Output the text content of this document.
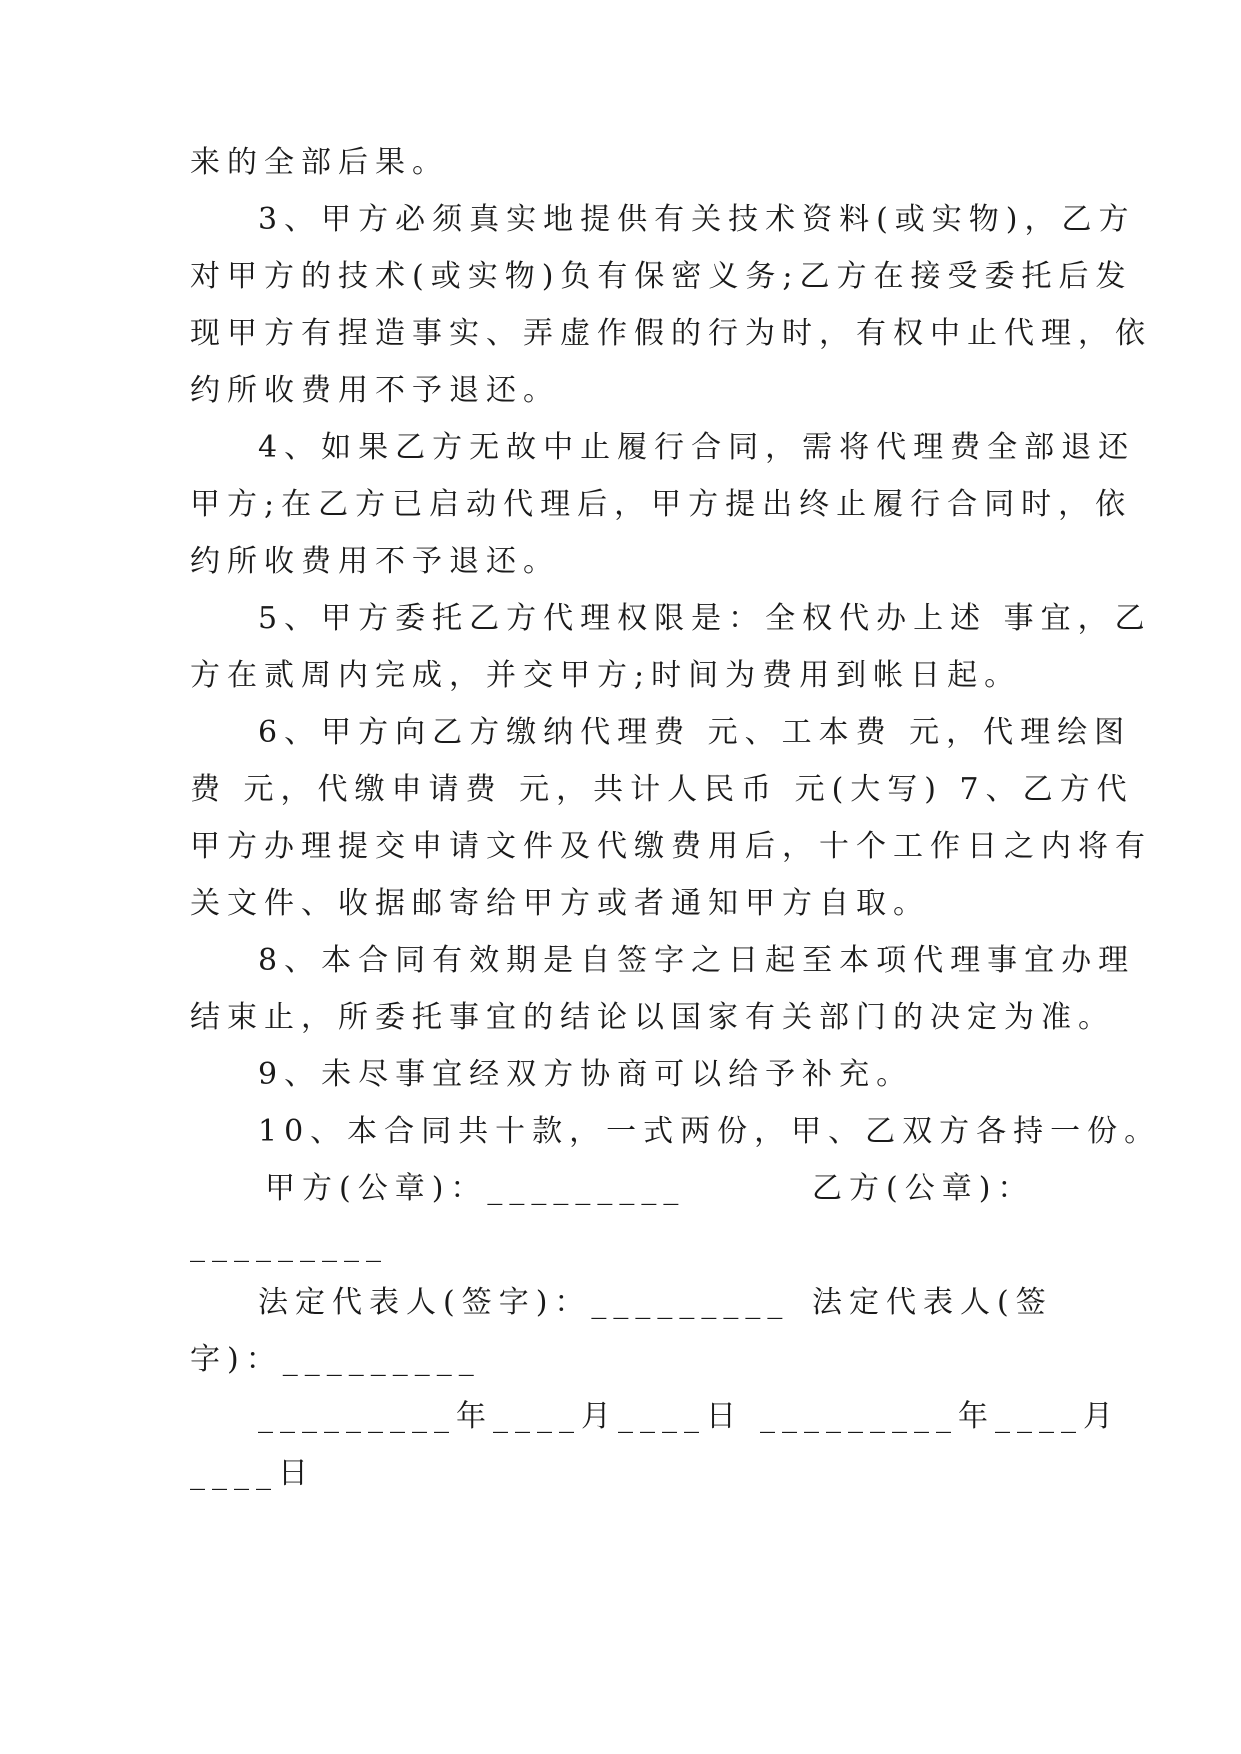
来的全部后果。
3、甲方必须真实地提供有关技术资料(或实物)，乙方
对甲方的技术(或实物)负有保密义务;乙方在接受委托后发
现甲方有捏造事实、弄虚作假的行为时，有权中止代理，依
约所收费用不予退还。
4、如果乙方无故中止履行合同，需将代理费全部退还
甲方;在乙方已启动代理后，甲方提出终止履行合同时，依
约所收费用不予退还。
5、甲方委托乙方代理权限是：全权代办上述 事宜，乙
方在贰周内完成，并交甲方;时间为费用到帐日起。
6、甲方向乙方缴纳代理费 元、工本费 元，代理绘图
费 元，代缴申请费 元，共计人民币 元(大写) 7、乙方代
甲方办理提交申请文件及代缴费用后，十个工作日之内将有
关文件、收据邮寄给甲方或者通知甲方自取。
8、本合同有效期是自签字之日起至本项代理事宜办理
结束止，所委托事宜的结论以国家有关部门的决定为准。
9、未尽事宜经双方协商可以给予补充。
10、本合同共十款，一式两份，甲、乙双方各持一份。
甲方(公章)：_________	乙方(公章)：
_________
法定代表人(签字)：_________ 法定代表人(签
字)：_________
_________年____月____日 _________年____月
____日
